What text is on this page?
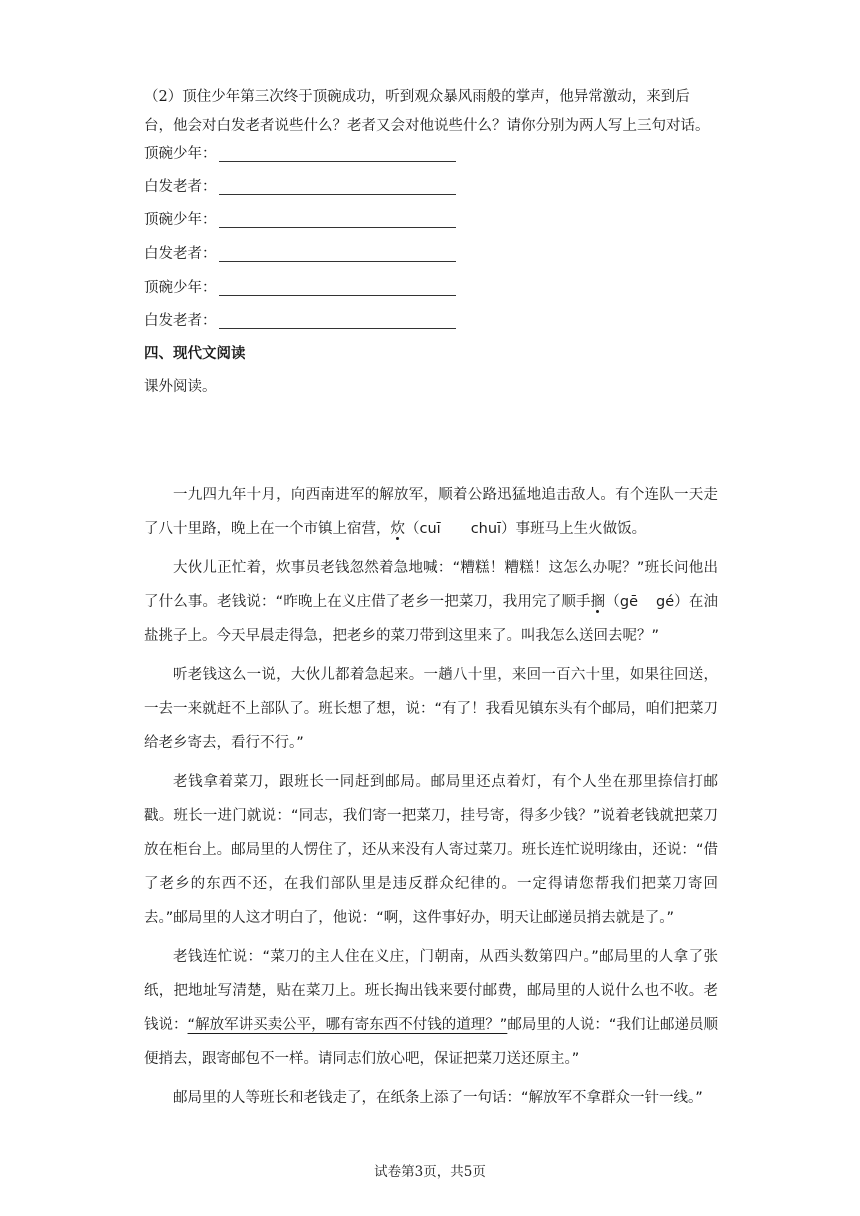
（2）顶住少年第三次终于顶碗成功，听到观众暴风雨般的掌声，他异常激动，来到后
台，他会对白发老者说些什么？老者又会对他说些什么？请你分别为两人写上三句对话。
顶碗少年：
白发老者：
顶碗少年：
白发老者：
顶碗少年：
白发老者：
四、现代文阅读
课外阅读。

一九四九年十月，向西南进军的解放军，顺着公路迅猛地追击敌人。有个连队一天走了八十里路，晚上在一个市镇上宿营，炊（cuī chuī）事班马上生火做饭。

大伙儿正忙着，炊事员老钱忽然着急地喊：“糟糕！糟糕！这怎么办呢？”班长问他出了什么事。老钱说：“昨晚上在义庄借了老乡一把菜刀，我用完了顺手搁（gē gé）在油盐挑子上。今天早晨走得急，把老乡的菜刀带到这里来了。叫我怎么送回去呢？”

听老钱这么一说，大伙儿都着急起来。一趟八十里，来回一百六十里，如果往回送，一去一来就赶不上部队了。班长想了想，说：“有了！我看见镇东头有个邮局，咱们把菜刀给老乡寄去，看行不行。”

老钱拿着菜刀，跟班长一同赶到邮局。邮局里还点着灯，有个人坐在那里捺信打邮戳。班长一进门就说：“同志，我们寄一把菜刀，挂号寄，得多少钱？”说着老钱就把菜刀放在柜台上。邮局里的人愣住了，还从来没有人寄过菜刀。班长连忙说明缘由，还说：“借了老乡的东西不还，在我们部队里是违反群众纪律的。一定得请您帮我们把菜刀寄回去。”邮局里的人这才明白了，他说：“啊，这件事好办，明天让邮递员捎去就是了。”

老钱连忙说：“菜刀的主人住在义庄，门朝南，从西头数第四户。”邮局里的人拿了张纸，把地址写清楚，贴在菜刀上。班长掏出钱来要付邮费，邮局里的人说什么也不收。老钱说：“解放军讲买卖公平，哪有寄东西不付钱的道理？”邮局里的人说：“我们让邮递员顺便捎去，跟寄邮包不一样。请同志们放心吧，保证把菜刀送还原主。”

邮局里的人等班长和老钱走了，在纸条上添了一句话：“解放军不拿群众一针一线。”

试卷第3页，共5页
